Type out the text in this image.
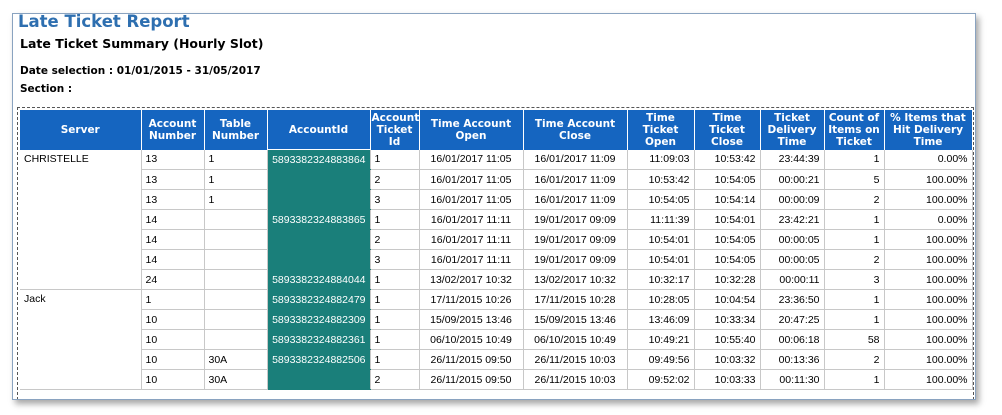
Late Ticket Report
Late Ticket Summary (Hourly Slot)
Date selection : 01/01/2015 - 31/05/2017
Section :
Server	Account Number	Table Number	AccountId	Account Ticket Id	Time Account Open	Time Account Close	Time Ticket Open	Time Ticket Close	Ticket Delivery Time	Count of Items on Ticket	% Items that Hit Delivery Time
CHRISTELLE	13	1	5893382324883864	1	16/01/2017 11:05	16/01/2017 11:09	11:09:03	10:53:42	23:44:39	1	0.00%
	13	1		2	16/01/2017 11:05	16/01/2017 11:09	10:53:42	10:54:05	00:00:21	5	100.00%
	13	1		3	16/01/2017 11:05	16/01/2017 11:09	10:54:05	10:54:14	00:00:09	2	100.00%
	14		5893382324883865	1	16/01/2017 11:11	19/01/2017 09:09	11:11:39	10:54:01	23:42:21	1	0.00%
	14			2	16/01/2017 11:11	19/01/2017 09:09	10:54:01	10:54:05	00:00:05	1	100.00%
	14			3	16/01/2017 11:11	19/01/2017 09:09	10:54:01	10:54:05	00:00:05	2	100.00%
	24		5893382324884044	1	13/02/2017 10:32	13/02/2017 10:32	10:32:17	10:32:28	00:00:11	3	100.00%
Jack	1		5893382324882479	1	17/11/2015 10:26	17/11/2015 10:28	10:28:05	10:04:54	23:36:50	1	100.00%
	10		5893382324882309	1	15/09/2015 13:46	15/09/2015 13:46	13:46:09	10:33:34	20:47:25	1	100.00%
	10		5893382324882361	1	06/10/2015 10:49	06/10/2015 10:49	10:49:21	10:55:40	00:06:18	58	100.00%
	10	30A	5893382324882506	1	26/11/2015 09:50	26/11/2015 10:03	09:49:56	10:03:32	00:13:36	2	100.00%
	10	30A		2	26/11/2015 09:50	26/11/2015 10:03	09:52:02	10:03:33	00:11:30	1	100.00%
